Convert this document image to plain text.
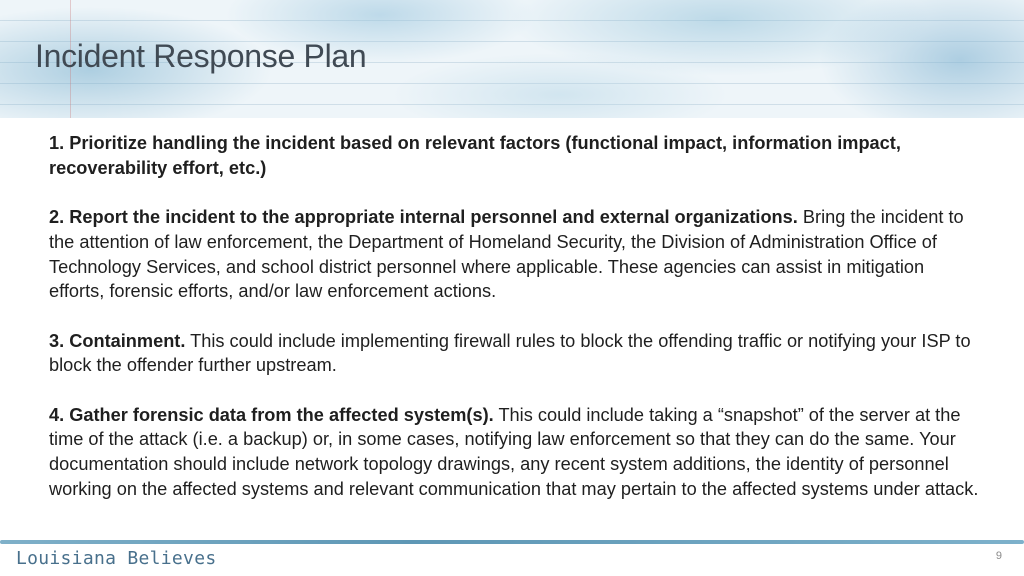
Incident Response Plan

1. Prioritize handling the incident based on relevant factors (functional impact, information impact, recoverability effort, etc.)

2. Report the incident to the appropriate internal personnel and external organizations. Bring the incident to the attention of law enforcement, the Department of Homeland Security, the Division of Administration Office of Technology Services, and school district personnel where applicable. These agencies can assist in mitigation efforts, forensic efforts, and/or law enforcement actions.

3. Containment. This could include implementing firewall rules to block the offending traffic or notifying your ISP to block the offender further upstream.

4. Gather forensic data from the affected system(s). This could include taking a “snapshot” of the server at the time of the attack (i.e. a backup) or, in some cases, notifying law enforcement so that they can do the same. Your documentation should include network topology drawings, any recent system additions, the identity of personnel working on the affected systems and relevant communication that may pertain to the affected systems under attack.

Louisiana Believes	9
